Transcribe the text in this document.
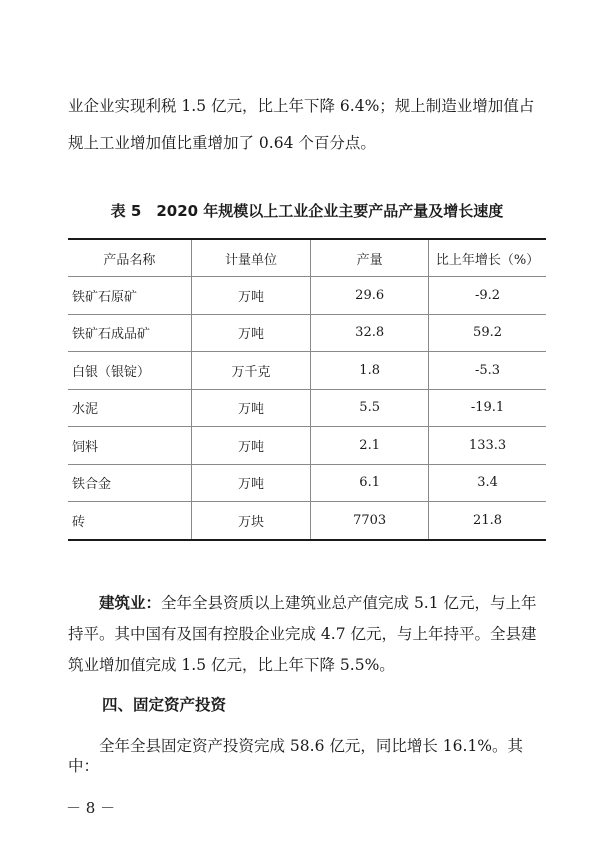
业企业实现利税 1.5 亿元，比上年下降 6.4%；规上制造业增加值占
规上工业增加值比重增加了 0.64 个百分点。
表 5　2020 年规模以上工业企业主要产品产量及增长速度
产品名称	计量单位	产量	比上年增长（%）
铁矿石原矿	万吨	29.6	-9.2
铁矿石成品矿	万吨	32.8	59.2
白银（银锭）	万千克	1.8	-5.3
水泥	万吨	5.5	-19.1
饲料	万吨	2.1	133.3
铁合金	万吨	6.1	3.4
砖	万块	7703	21.8
建筑业：全年全县资质以上建筑业总产值完成 5.1 亿元，与上年持平。其中国有及国有控股企业完成 4.7 亿元，与上年持平。全县建筑业增加值完成 1.5 亿元，比上年下降 5.5%。
四、固定资产投资
全年全县固定资产投资完成 58.6 亿元，同比增长 16.1%。其中：
－ 8 －
